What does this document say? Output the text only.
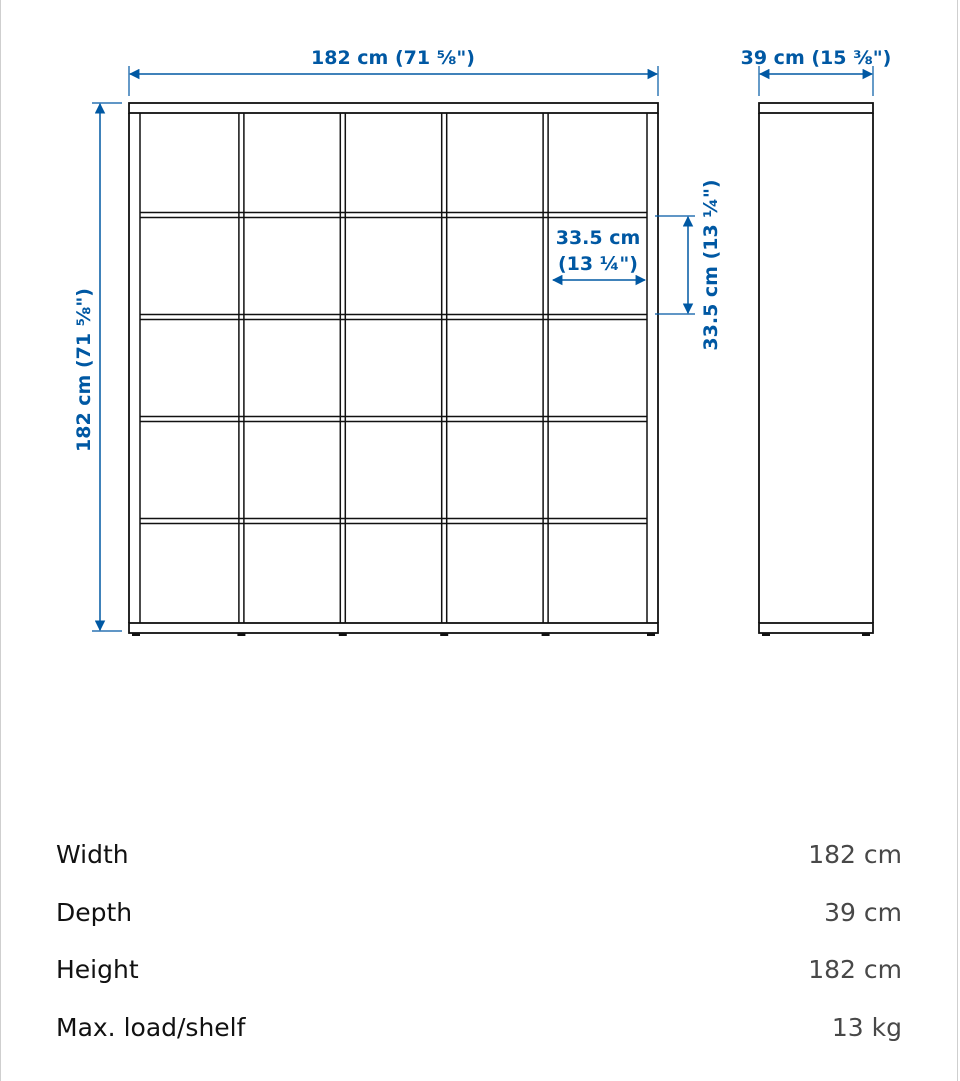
182 cm (71 ⅝")	39 cm (15 ⅜")
182 cm (71 ⅝")
33.5 cm
(13 ¼")	33.5 cm (13 ¼")
Width	182 cm
Depth	39 cm
Height	182 cm
Max. load/shelf	13 kg
